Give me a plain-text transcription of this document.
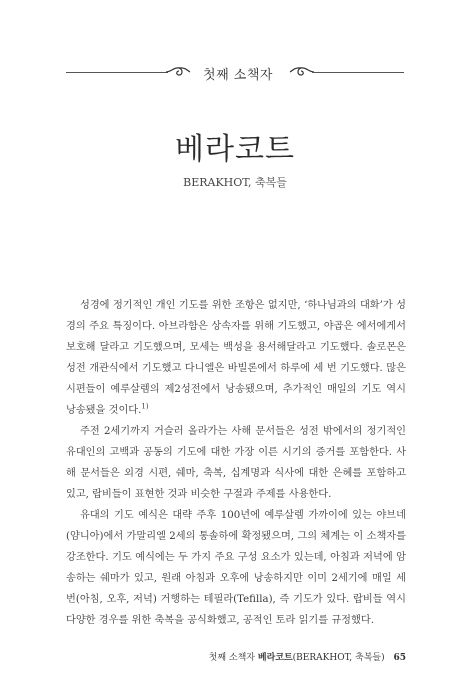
첫째 소책자
베라코트
BERAKHOT, 축복들

성경에 정기적인 개인 기도를 위한 조항은 없지만, ‘하나님과의 대화’가 성경의 주요 특징이다. 아브라함은 상속자를 위해 기도했고, 야곱은 에서에게서 보호해 달라고 기도했으며, 모세는 백성을 용서해달라고 기도했다. 솔로몬은 성전 개관식에서 기도했고 다니엘은 바빌론에서 하루에 세 번 기도했다. 많은 시편들이 예루살렘의 제2성전에서 낭송됐으며, 추가적인 매일의 기도 역시 낭송됐을 것이다.$^{1)}$

주전 2세기까지 거슬러 올라가는 사해 문서들은 성전 밖에서의 정기적인 유대인의 고백과 공동의 기도에 대한 가장 이른 시기의 증거를 포함한다. 사해 문서들은 외경 시편, 쉐마, 축복, 십계명과 식사에 대한 은혜를 포함하고 있고, 랍비들이 표현한 것과 비슷한 구절과 주제를 사용한다.

유대의 기도 예식은 대략 주후 100년에 예루살렘 가까이에 있는 야브네(얌니아)에서 가말리엘 2세의 통솔하에 확정됐으며, 그의 체계는 이 소책자를 강조한다. 기도 예식에는 두 가지 주요 구성 요소가 있는데, 아침과 저녁에 암송하는 쉐마가 있고, 원래 아침과 오후에 낭송하지만 이미 2세기에 매일 세 번(아침, 오후, 저녁) 거행하는 테필라(Tefilla), 즉 기도가 있다. 랍비들 역시 다양한 경우를 위한 축복을 공식화했고, 공적인 토라 읽기를 규정했다.

첫째 소책자 베라코트(BERAKHOT, 축복들) 65
